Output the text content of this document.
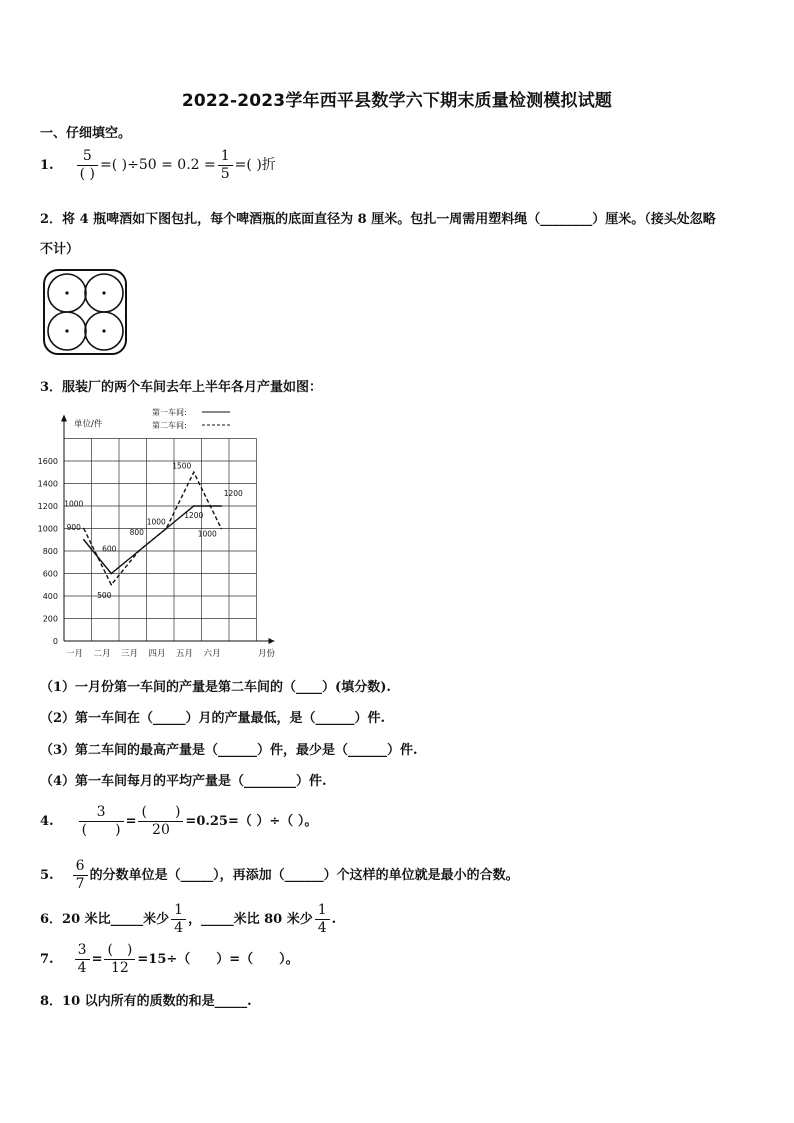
2022-2023学年西平县数学六下期末质量检测模拟试题
一、仔细填空。
1. $\frac{5}{( )}$ =( )$\div 50 = 0.2 = \frac{1}{5}$ =( )折
2．将 4 瓶啤酒如下图包扎，每个啤酒瓶的底面直径为 8 厘米。包扎一周需用塑料绳（________）厘米。（接头处忽略
不计）
3．服装厂的两个车间去年上半年各月产量如图：
0
200
400
600
800
1000
1200
1400
1600
一月 二月 三月 四月 五月 六月	月份
单位/件
第一车间:
第二车间:
900
600
800
1000
1200
1200
1000
500
1500
1000
（1）一月份第一车间的产量是第二车间的（____）(填分数).
（2）第一车间在（_____）月的产量最低，是（______）件.
（3）第二车间的最高产量是（______）件，最少是（______）件.
（4）第一车间每月的平均产量是（________）件.
4. $\frac{3}{( )} = \frac{( )}{20} =0.25=$（ ）÷（ ）。
5. $\frac{6}{7}$ 的分数单位是（_____），再添加（______）个这样的单位就是最小的合数。
6．20 米比_____米少 $\frac{1}{4}$ ，_____米比 80 米少 $\frac{1}{4}$ .
7. $\frac{3}{4} = \frac{( )}{12} =15\div$（　　）=（　　）。
8．10 以内所有的质数的和是_____.
